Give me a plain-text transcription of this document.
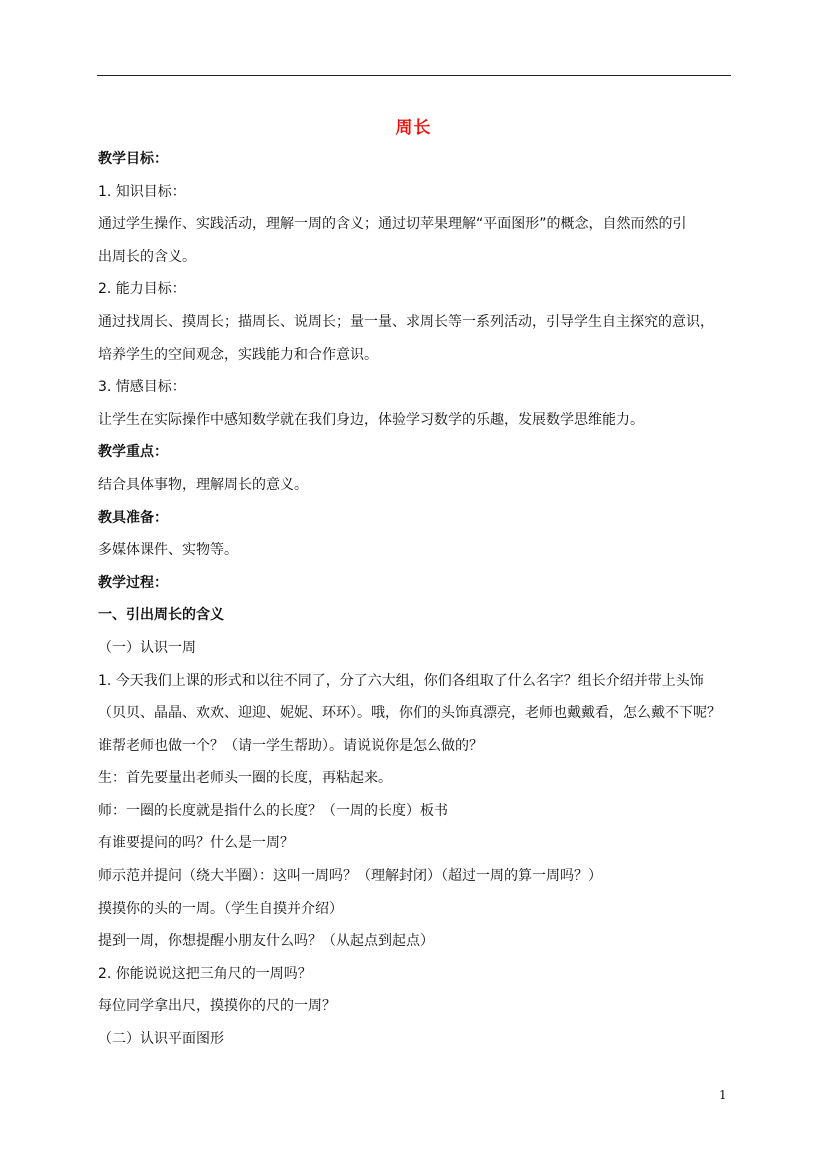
周长
教学目标：
1. 知识目标：
通过学生操作、实践活动，理解一周的含义；通过切苹果理解“平面图形”的概念，自然而然的引
出周长的含义。
2. 能力目标：
通过找周长、摸周长；描周长、说周长；量一量、求周长等一系列活动，引导学生自主探究的意识，
培养学生的空间观念，实践能力和合作意识。
3. 情感目标：
让学生在实际操作中感知数学就在我们身边，体验学习数学的乐趣，发展数学思维能力。
教学重点：
结合具体事物，理解周长的意义。
教具准备：
多媒体课件、实物等。
教学过程：
一、引出周长的含义
（一）认识一周
1. 今天我们上课的形式和以往不同了，分了六大组，你们各组取了什么名字？组长介绍并带上头饰
（贝贝、晶晶、欢欢、迎迎、妮妮、环环）。哦，你们的头饰真漂亮，老师也戴戴看，怎么戴不下呢？
谁帮老师也做一个？（请一学生帮助）。请说说你是怎么做的？
生：首先要量出老师头一圈的长度，再粘起来。
师：一圈的长度就是指什么的长度？（一周的长度）板书
有谁要提问的吗？什么是一周？
师示范并提问（绕大半圈）：这叫一周吗？（理解封闭）（超过一周的算一周吗？）
摸摸你的头的一周。（学生自摸并介绍）
提到一周，你想提醒小朋友什么吗？（从起点到起点）
2. 你能说说这把三角尺的一周吗？
每位同学拿出尺，摸摸你的尺的一周？
（二）认识平面图形
1
